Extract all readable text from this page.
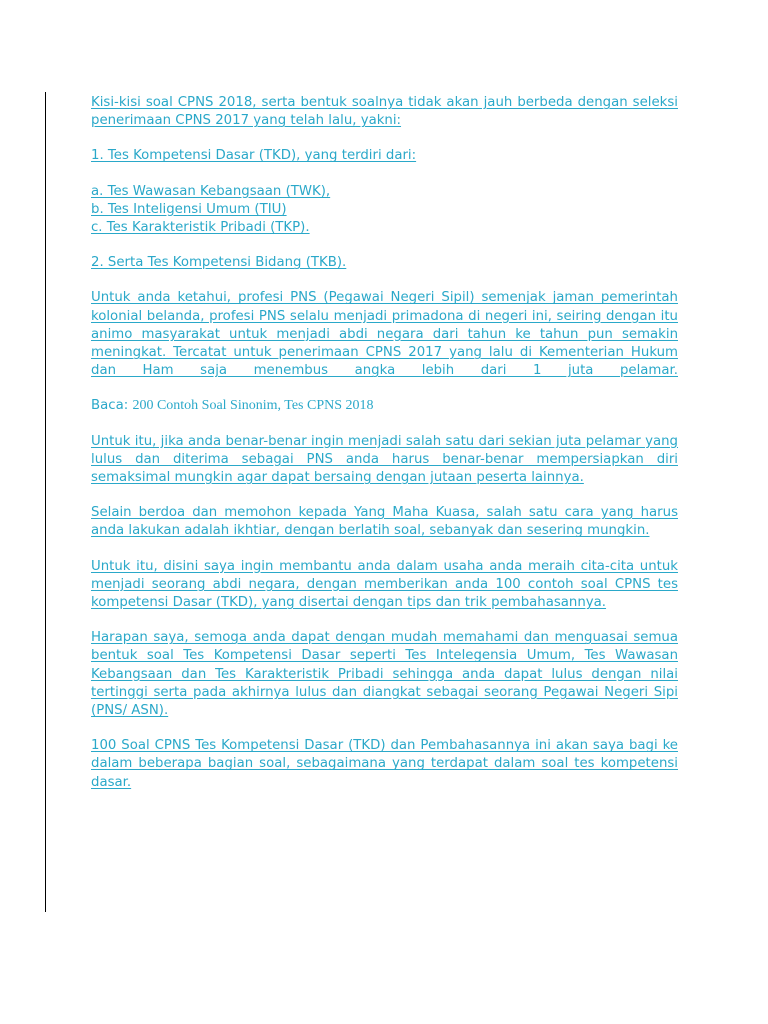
Kisi-kisi soal CPNS 2018, serta bentuk soalnya tidak akan jauh berbeda dengan seleksi penerimaan CPNS 2017 yang telah lalu, yakni:

1. Tes Kompetensi Dasar (TKD), yang terdiri dari:

a. Tes Wawasan Kebangsaan (TWK),
b. Tes Inteligensi Umum (TIU)
c. Tes Karakteristik Pribadi (TKP).

2. Serta Tes Kompetensi Bidang (TKB).

Untuk anda ketahui, profesi PNS (Pegawai Negeri Sipil) semenjak jaman pemerintah kolonial belanda, profesi PNS selalu menjadi primadona di negeri ini, seiring dengan itu animo masyarakat untuk menjadi abdi negara dari tahun ke tahun pun semakin meningkat. Tercatat untuk penerimaan CPNS 2017 yang lalu di Kementerian Hukum dan Ham saja menembus angka lebih dari 1 juta pelamar.

Baca: 200 Contoh Soal Sinonim, Tes CPNS 2018

Untuk itu, jika anda benar-benar ingin menjadi salah satu dari sekian juta pelamar yang lulus dan diterima sebagai PNS anda harus benar-benar mempersiapkan diri semaksimal mungkin agar dapat bersaing dengan jutaan peserta lainnya.

Selain berdoa dan memohon kepada Yang Maha Kuasa, salah satu cara yang harus anda lakukan adalah ikhtiar, dengan berlatih soal, sebanyak dan sesering mungkin.

Untuk itu, disini saya ingin membantu anda dalam usaha anda meraih cita-cita untuk menjadi seorang abdi negara, dengan memberikan anda 100 contoh soal CPNS tes kompetensi Dasar (TKD), yang disertai dengan tips dan trik pembahasannya.

Harapan saya, semoga anda dapat dengan mudah memahami dan menguasai semua bentuk soal Tes Kompetensi Dasar seperti Tes Intelegensia Umum, Tes Wawasan Kebangsaan dan Tes Karakteristik Pribadi sehingga anda dapat lulus dengan nilai tertinggi serta pada akhirnya lulus dan diangkat sebagai seorang Pegawai Negeri Sipi (PNS/ ASN).

100 Soal CPNS Tes Kompetensi Dasar (TKD) dan Pembahasannya ini akan saya bagi ke dalam beberapa bagian soal, sebagaimana yang terdapat dalam soal tes kompetensi dasar.
